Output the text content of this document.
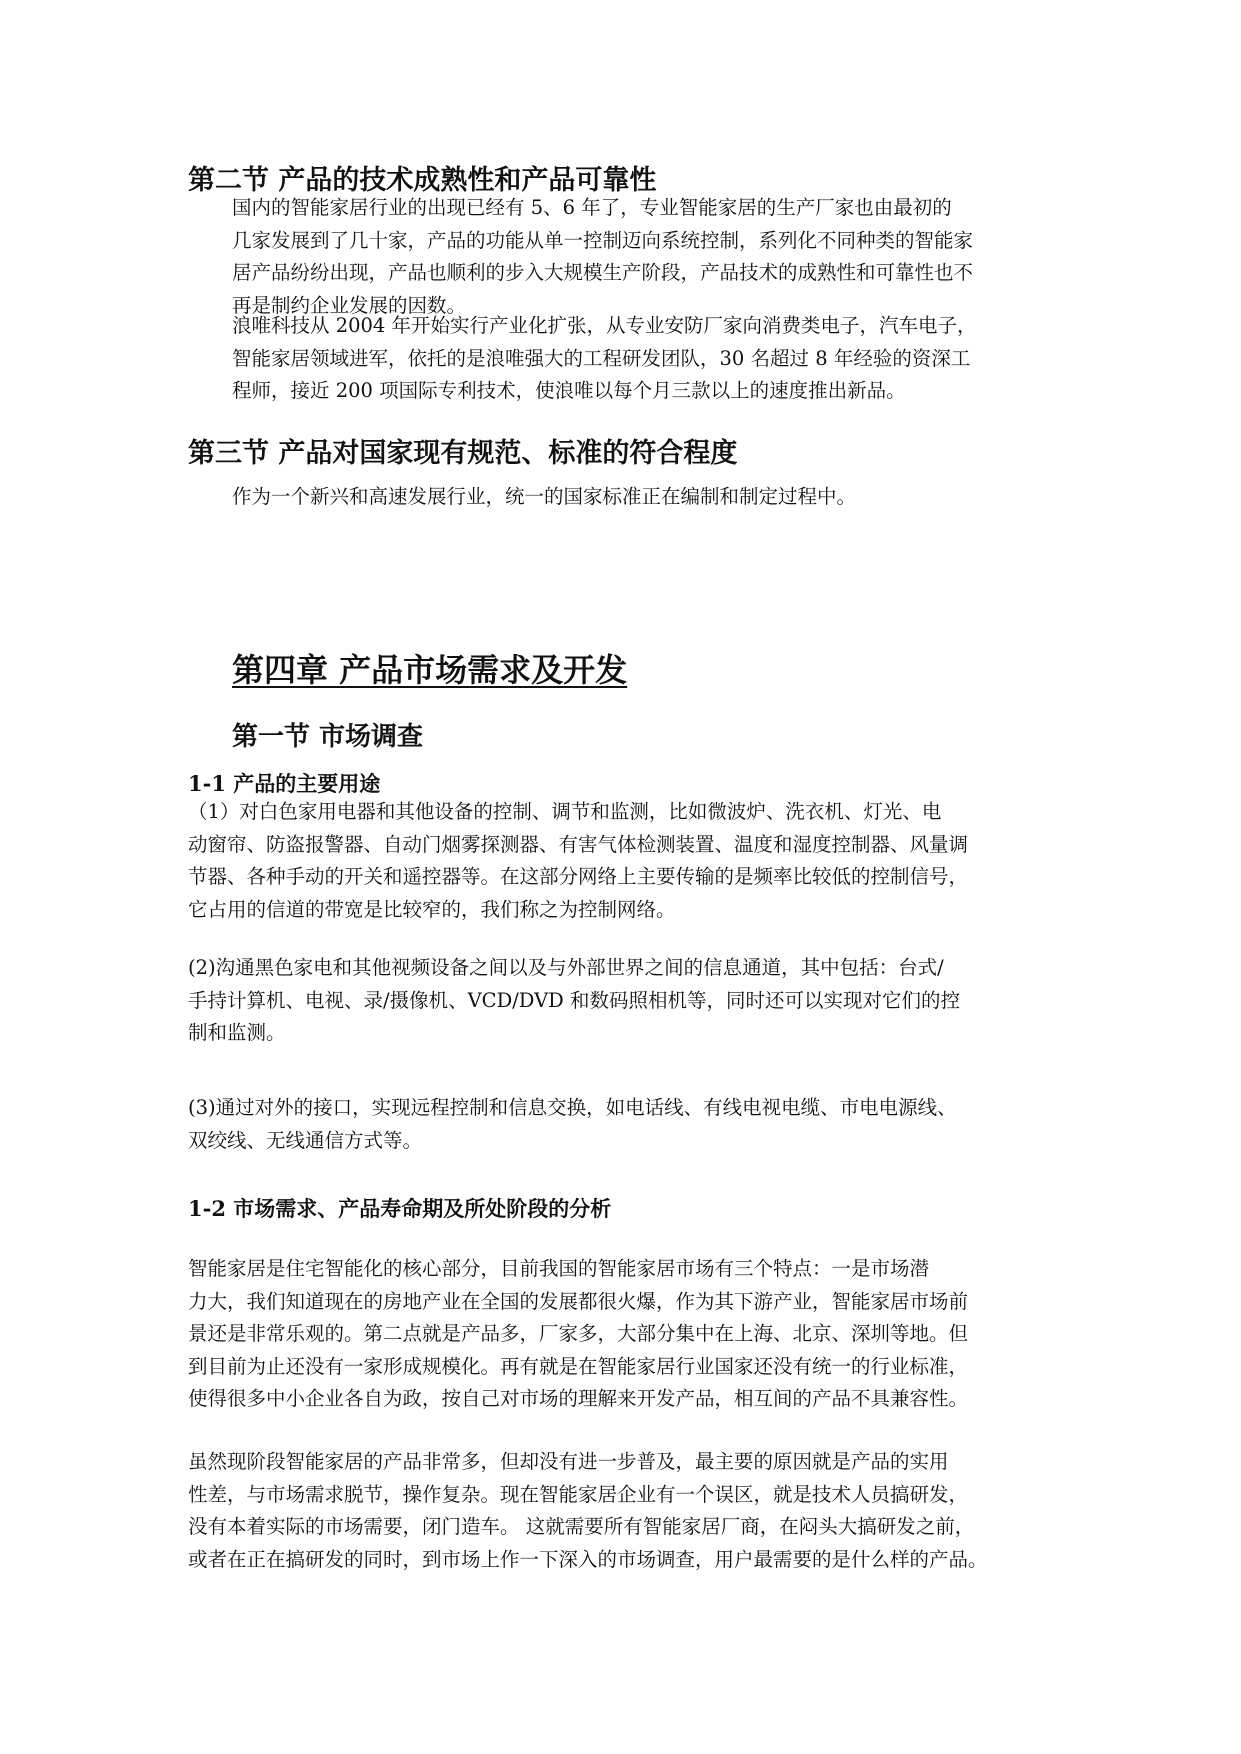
第二节 产品的技术成熟性和产品可靠性

国内的智能家居行业的出现已经有 5、6 年了，专业智能家居的生产厂家也由最初的
几家发展到了几十家，产品的功能从单一控制迈向系统控制，系列化不同种类的智能家
居产品纷纷出现，产品也顺利的步入大规模生产阶段，产品技术的成熟性和可靠性也不
再是制约企业发展的因数。

浪唯科技从 2004 年开始实行产业化扩张，从专业安防厂家向消费类电子，汽车电子，
智能家居领域进军，依托的是浪唯强大的工程研发团队，30 名超过 8 年经验的资深工
程师，接近 200 项国际专利技术，使浪唯以每个月三款以上的速度推出新品。

第三节 产品对国家现有规范、标准的符合程度

作为一个新兴和高速发展行业，统一的国家标准正在编制和制定过程中。

第四章 产品市场需求及开发
第一节 市场调查
1-1 产品的主要用途

（1）对白色家用电器和其他设备的控制、调节和监测，比如微波炉、洗衣机、灯光、电
动窗帘、防盗报警器、自动门烟雾探测器、有害气体检测装置、温度和湿度控制器、风量调
节器、各种手动的开关和遥控器等。在这部分网络上主要传输的是频率比较低的控制信号，
它占用的信道的带宽是比较窄的，我们称之为控制网络。

(2)沟通黑色家电和其他视频设备之间以及与外部世界之间的信息通道，其中包括：台式/
手持计算机、电视、录/摄像机、VCD/DVD 和数码照相机等，同时还可以实现对它们的控
制和监测。

(3)通过对外的接口，实现远程控制和信息交换，如电话线、有线电视电缆、市电电源线、
双绞线、无线通信方式等。

1-2 市场需求、产品寿命期及所处阶段的分析

智能家居是住宅智能化的核心部分，目前我国的智能家居市场有三个特点：一是市场潜
力大，我们知道现在的房地产业在全国的发展都很火爆，作为其下游产业，智能家居市场前
景还是非常乐观的。第二点就是产品多，厂家多，大部分集中在上海、北京、深圳等地。但
到目前为止还没有一家形成规模化。再有就是在智能家居行业国家还没有统一的行业标准，
使得很多中小企业各自为政，按自己对市场的理解来开发产品，相互间的产品不具兼容性。

虽然现阶段智能家居的产品非常多，但却没有进一步普及，最主要的原因就是产品的实用
性差，与市场需求脱节，操作复杂。现在智能家居企业有一个误区，就是技术人员搞研发，
没有本着实际的市场需要，闭门造车。 这就需要所有智能家居厂商，在闷头大搞研发之前，
或者在正在搞研发的同时，到市场上作一下深入的市场调查，用户最需要的是什么样的产品。
